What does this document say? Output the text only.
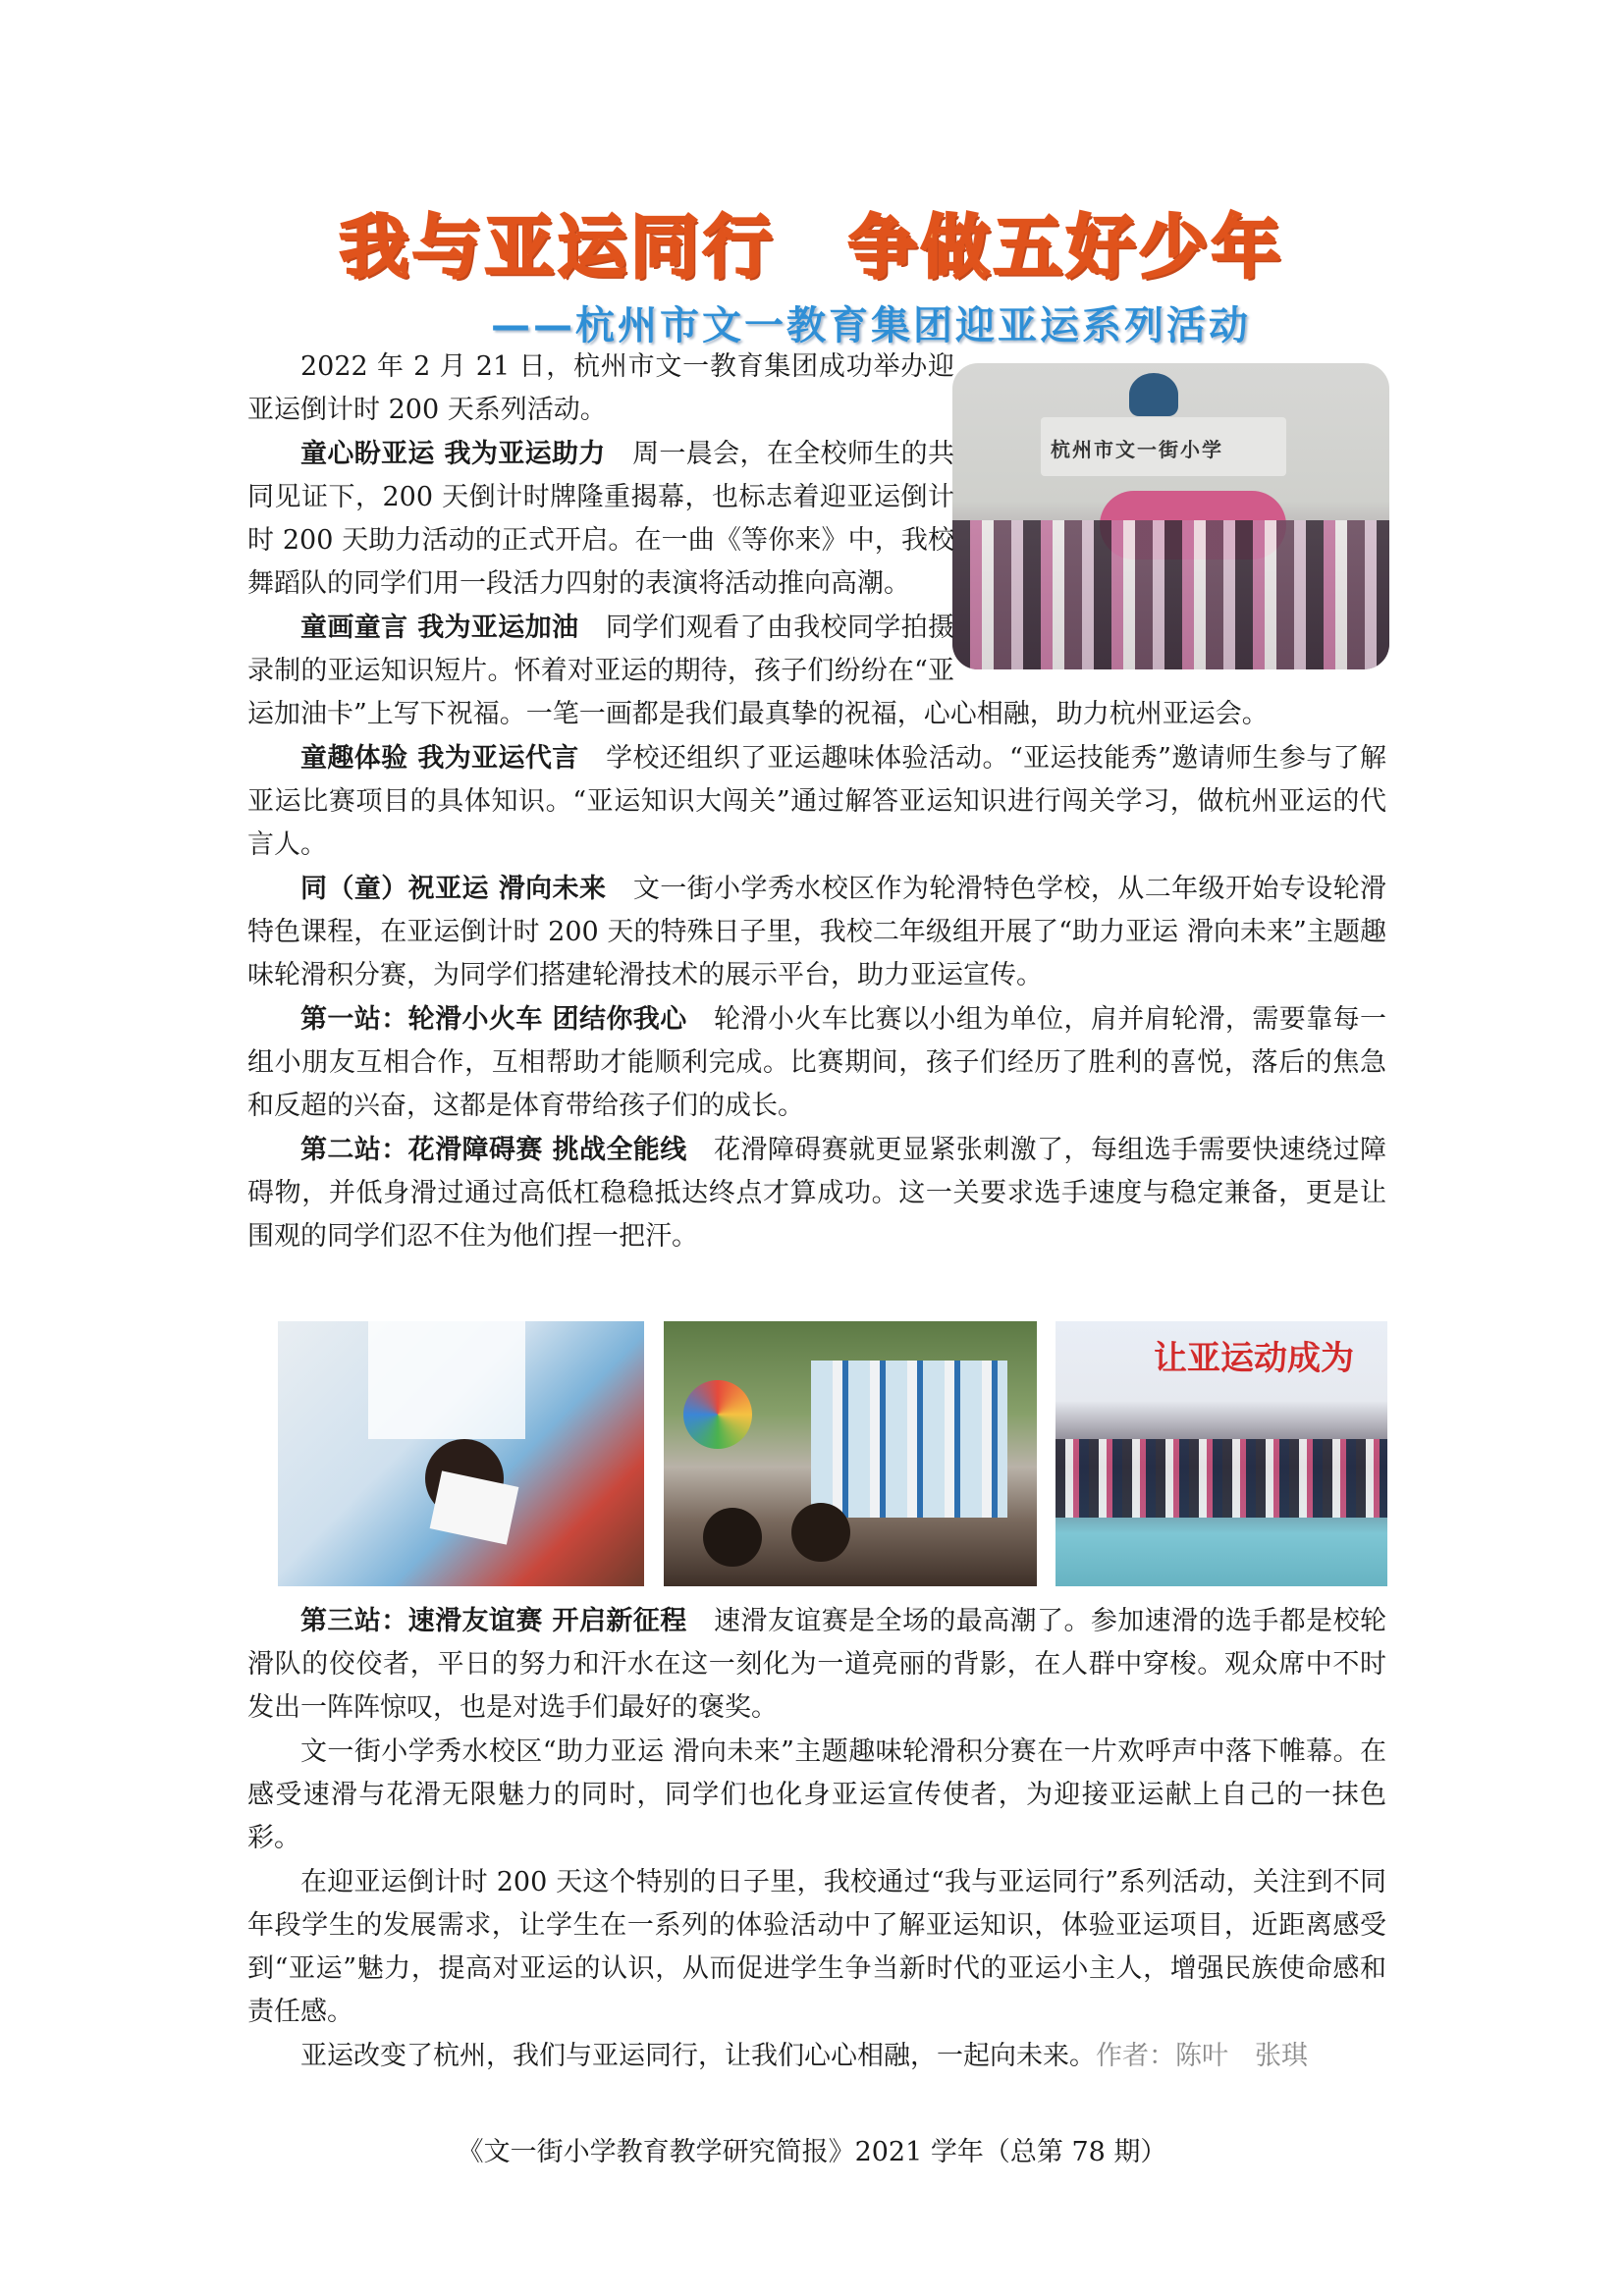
我与亚运同行　争做五好少年
——杭州市文一教育集团迎亚运系列活动
杭州市文一街小学

2022 年 2 月 21 日，杭州市文一教育集团成功举办迎亚运倒计时 200 天系列活动。

童心盼亚运 我为亚运助力　 周一晨会，在全校师生的共同见证下，200 天倒计时牌隆重揭幕，也标志着迎亚运倒计时 200 天助力活动的正式开启。在一曲《等你来》中，我校舞蹈队的同学们用一段活力四射的表演将活动推向高潮。

童画童言 我为亚运加油　 同学们观看了由我校同学拍摄录制的亚运知识短片。怀着对亚运的期待，孩子们纷纷在“亚运加油卡”上写下祝福。一笔一画都是我们最真挚的祝福，心心相融，助力杭州亚运会。

童趣体验 我为亚运代言　 学校还组织了亚运趣味体验活动。“亚运技能秀”邀请师生参与了解亚运比赛项目的具体知识。“亚运知识大闯关”通过解答亚运知识进行闯关学习，做杭州亚运的代言人。

同（童）祝亚运 滑向未来　 文一街小学秀水校区作为轮滑特色学校，从二年级开始专设轮滑特色课程，在亚运倒计时 200 天的特殊日子里，我校二年级组开展了“助力亚运 滑向未来”主题趣味轮滑积分赛，为同学们搭建轮滑技术的展示平台，助力亚运宣传。

第一站：轮滑小火车 团结你我心　 轮滑小火车比赛以小组为单位，肩并肩轮滑，需要靠每一组小朋友互相合作，互相帮助才能顺利完成。比赛期间，孩子们经历了胜利的喜悦，落后的焦急和反超的兴奋，这都是体育带给孩子们的成长。

第二站：花滑障碍赛 挑战全能线　 花滑障碍赛就更显紧张刺激了，每组选手需要快速绕过障碍物，并低身滑过通过高低杠稳稳抵达终点才算成功。这一关要求选手速度与稳定兼备，更是让围观的同学们忍不住为他们捏一把汗。

让亚运动成为

第三站：速滑友谊赛 开启新征程　 速滑友谊赛是全场的最高潮了。参加速滑的选手都是校轮滑队的佼佼者，平日的努力和汗水在这一刻化为一道亮丽的背影，在人群中穿梭。观众席中不时发出一阵阵惊叹，也是对选手们最好的褒奖。

文一街小学秀水校区“助力亚运 滑向未来”主题趣味轮滑积分赛在一片欢呼声中落下帷幕。在感受速滑与花滑无限魅力的同时，同学们也化身亚运宣传使者，为迎接亚运献上自己的一抹色彩。

在迎亚运倒计时 200 天这个特别的日子里，我校通过“我与亚运同行”系列活动，关注到不同年段学生的发展需求，让学生在一系列的体验活动中了解亚运知识，体验亚运项目，近距离感受到“亚运”魅力，提高对亚运的认识，从而促进学生争当新时代的亚运小主人，增强民族使命感和责任感。

亚运改变了杭州，我们与亚运同行，让我们心心相融，一起向未来。作者：陈叶　张琪

《文一街小学教育教学研究简报》2021 学年（总第 78 期）
